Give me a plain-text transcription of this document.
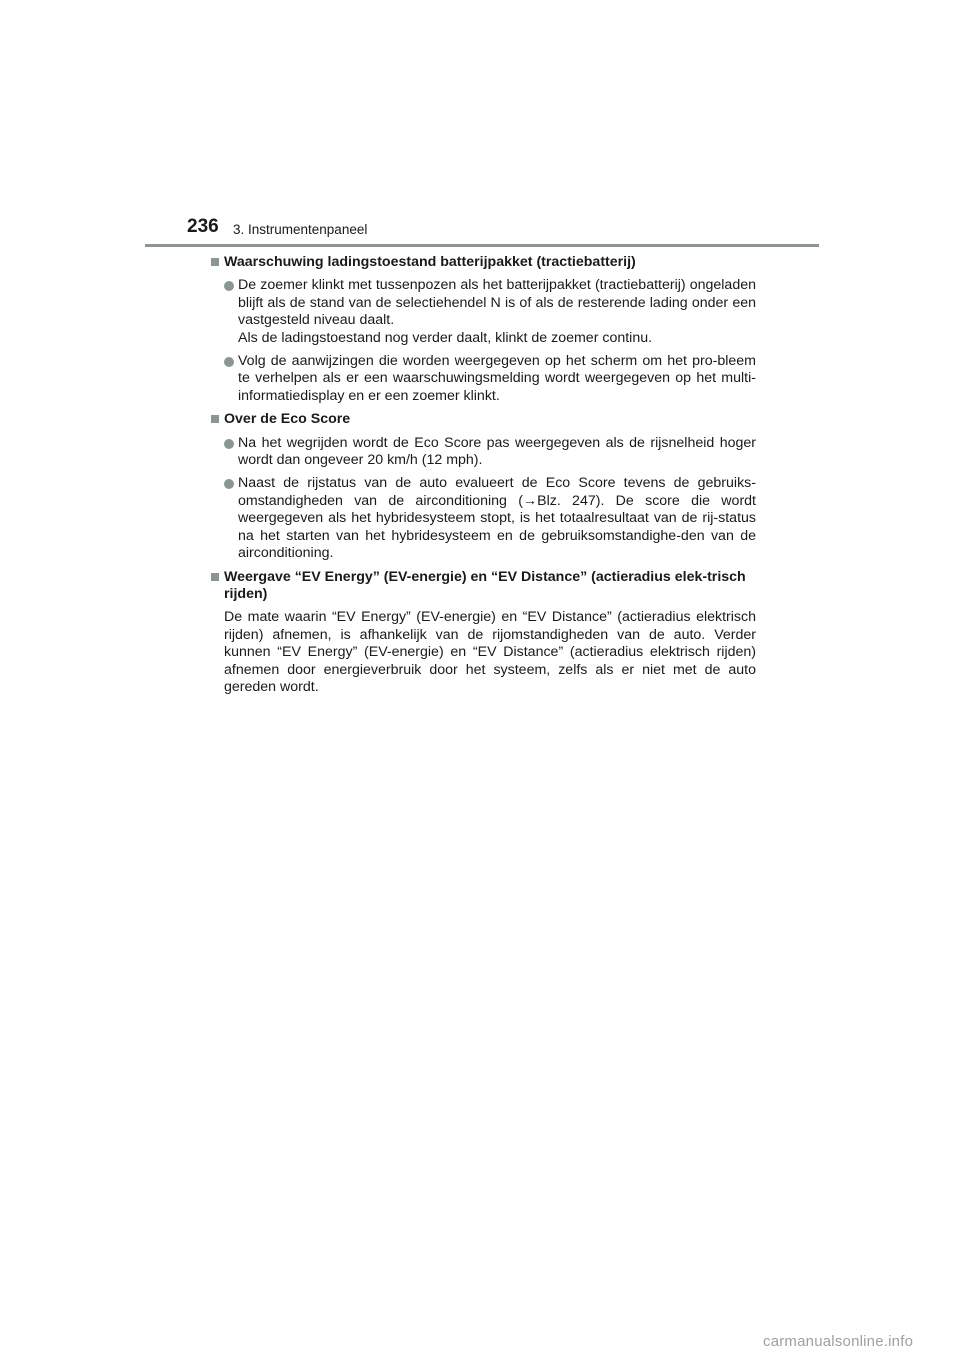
236 3. Instrumentenpaneel
Waarschuwing ladingstoestand batterijpakket (tractiebatterij)

De zoemer klinkt met tussenpozen als het batterijpakket (tractiebatterij) ongeladen blijft als de stand van de selectiehendel N is of als de resterende lading onder een vastgesteld niveau daalt.

Als de ladingstoestand nog verder daalt, klinkt de zoemer continu.

Volg de aanwijzingen die worden weergegeven op het scherm om het pro-bleem te verhelpen als er een waarschuwingsmelding wordt weergegeven op het multi-informatiedisplay en er een zoemer klinkt.

Over de Eco Score

Na het wegrijden wordt de Eco Score pas weergegeven als de rijsnelheid hoger wordt dan ongeveer 20 km/h (12 mph).

Naast de rijstatus van de auto evalueert de Eco Score tevens de gebruiks-omstandigheden van de airconditioning (→Blz. 247). De score die wordt weergegeven als het hybridesysteem stopt, is het totaalresultaat van de rij-status na het starten van het hybridesysteem en de gebruiksomstandighe-den van de airconditioning.

Weergave “EV Energy” (EV-energie) en “EV Distance” (actieradius elek-trisch rijden)

De mate waarin “EV Energy” (EV-energie) en “EV Distance” (actieradius elektrisch rijden) afnemen, is afhankelijk van de rijomstandigheden van de auto. Verder kunnen “EV Energy” (EV-energie) en “EV Distance” (actieradius elektrisch rijden) afnemen door energieverbruik door het systeem, zelfs als er niet met de auto gereden wordt.

carmanualsonline.info
